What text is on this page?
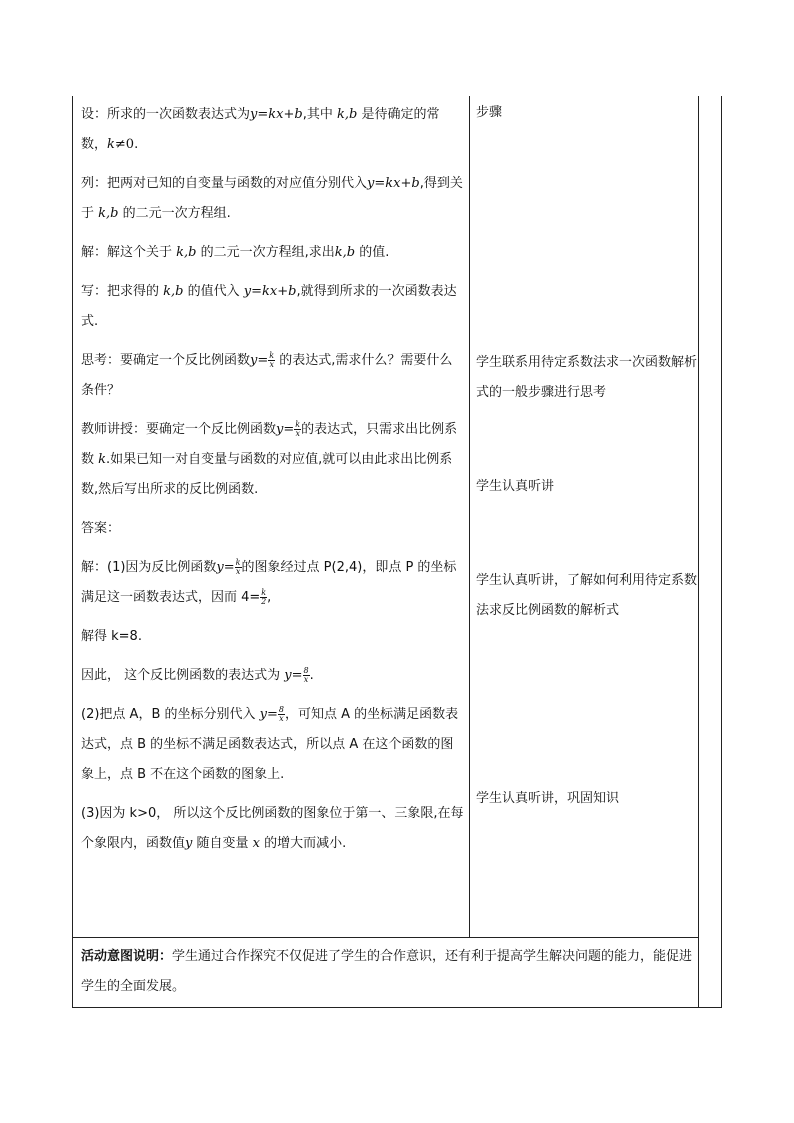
设：所求的一次函数表达式为y=kx+b,其中 k,b 是待确定的常数，k≠0.

列：把两对已知的自变量与函数的对应值分别代入y=kx+b,得到关于 k,b 的二元一次方程组.

解：解这个关于 k,b 的二元一次方程组,求出k,b 的值.

写：把求得的 k,b 的值代入 y=kx+b,就得到所求的一次函数表达式.

思考：要确定一个反比例函数$y= \frac{k}{x}$ 的表达式,需求什么？需要什么条件？

教师讲授：要确定一个反比例函数$y= \frac{k}{x}$ 的表达式，只需求出比例系数 k.如果已知一对自变量与函数的对应值,就可以由此求出比例系数,然后写出所求的反比例函数.

答案：

解：(1)因为反比例函数$y= \frac{k}{x}$ 的图象经过点 P(2,4)，即点 P 的坐标满足这一函数表达式，因而 $4= \frac{k}{2}$ ,

解得 k=8.

因此， 这个反比例函数的表达式为 $y= \frac{8}{x}$ .

(2)把点 A，B 的坐标分别代入 $y= \frac{8}{x}$ ，可知点 A 的坐标满足函数表达式，点 B 的坐标不满足函数表达式，所以点 A 在这个函数的图象上，点 B 不在这个函数的图象上.

(3)因为 k>0， 所以这个反比例函数的图象位于第一、三象限,在每个象限内，函数值y 随自变量 x 的增大而减小.

步骤
学生联系用待定系数法求一次函数解析式的一般步骤进行思考
学生认真听讲
学生认真听讲，了解如何利用待定系数法求反比例函数的解析式
学生认真听讲，巩固知识
活动意图说明：学生通过合作探究不仅促进了学生的合作意识，还有利于提高学生解决问题的能力，能促进学生的全面发展。
